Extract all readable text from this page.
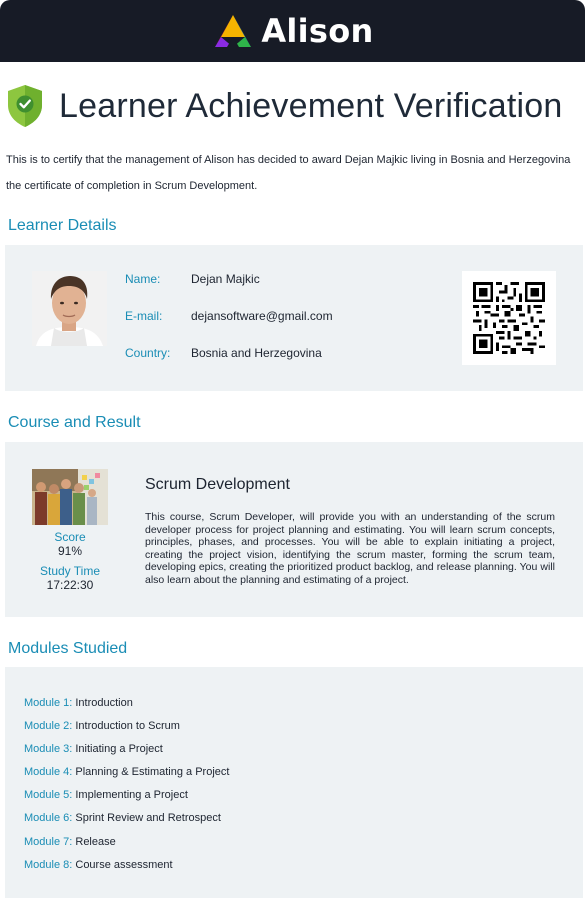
Alison
Learner Achievement Verification

This is to certify that the management of Alison has decided to award Dejan Majkic living in Bosnia and Herzegovina the certificate of completion in Scrum Development.

Learner Details
Name:	Dejan Majkic
E-mail: dejansoftware@gmail.com
Country: Bosnia and Herzegovina
Course and Result
Score
91%
Study Time
17:22:30
Scrum Development

This course, Scrum Developer, will provide you with an understanding of the scrum developer process for project planning and estimating. You will learn scrum concepts, principles, phases, and processes. You will be able to explain initiating a project, creating the project vision, identifying the scrum master, forming the scrum team, developing epics, creating the prioritized product backlog, and release planning. You will also learn about the planning and estimating of a project.

Modules Studied
Module 1: Introduction
Module 2: Introduction to Scrum
Module 3: Initiating a Project
Module 4: Planning & Estimating a Project
Module 5: Implementing a Project
Module 6: Sprint Review and Retrospect
Module 7: Release
Module 8: Course assessment
